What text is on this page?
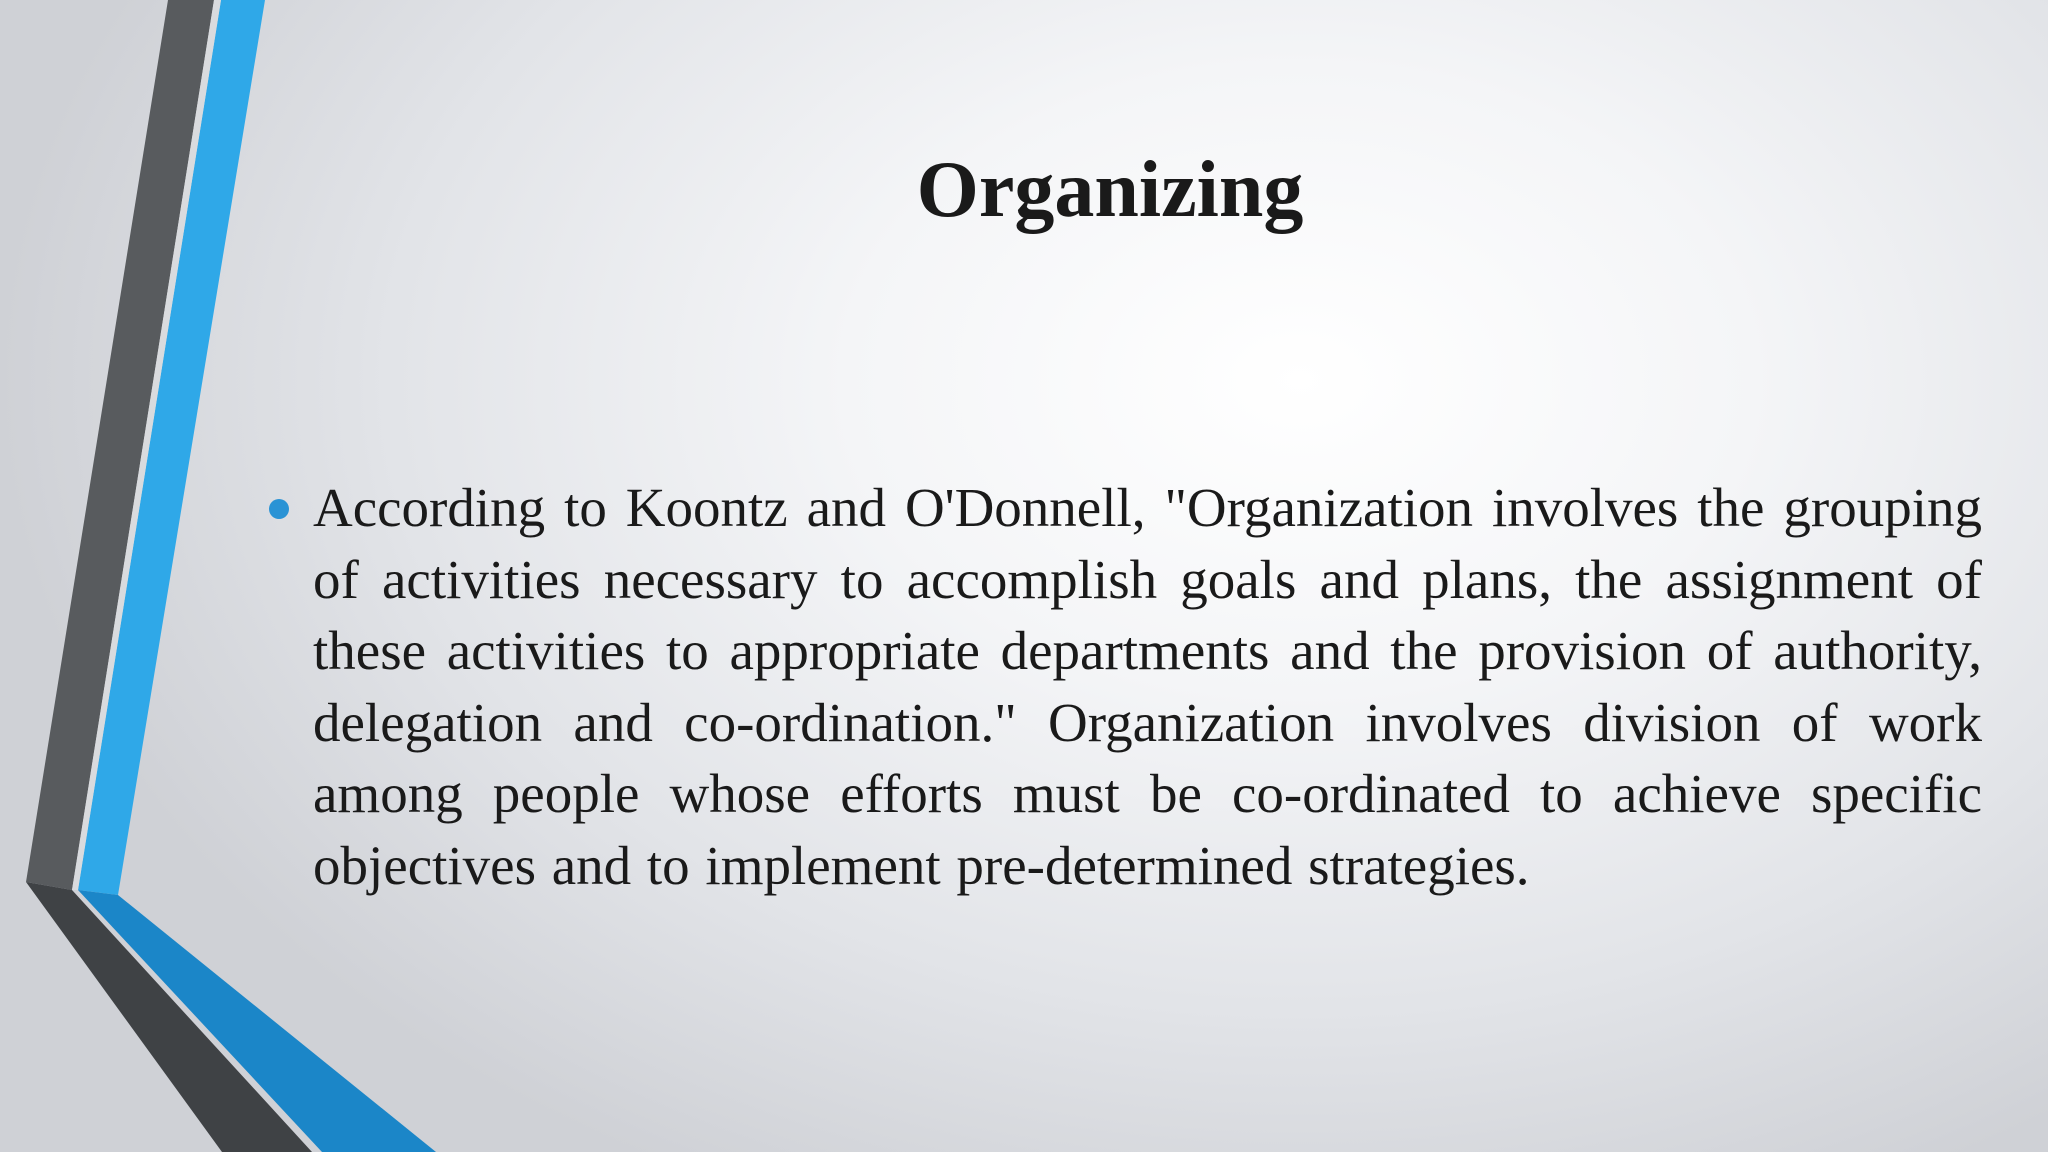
Organizing

According to Koontz and O'Donnell, "Organization involves the grouping of activities necessary to accomplish goals and plans, the assignment of these activities to appropriate departments and the provision of authority, delegation and co-ordination." Organization involves division of work among people whose efforts must be co-ordinated to achieve specific objectives and to implement pre-determined strategies.
